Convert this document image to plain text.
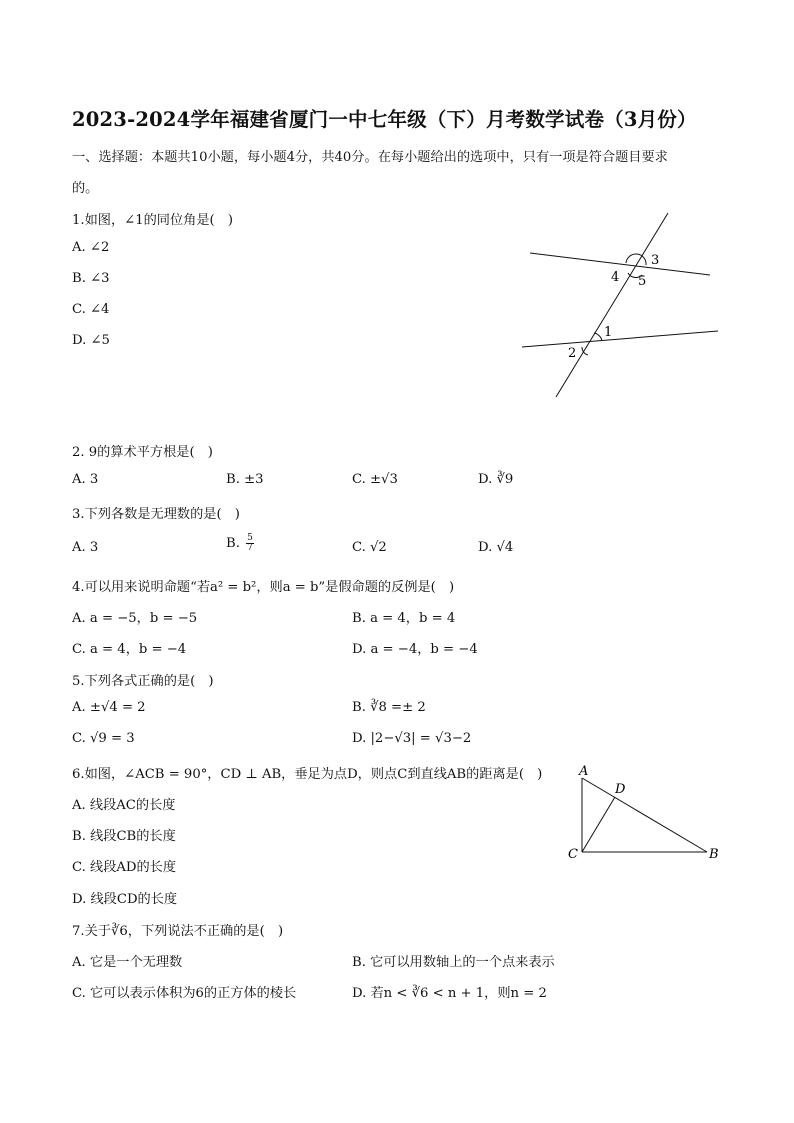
2023-2024学年福建省厦门一中七年级（下）月考数学试卷（3月份）
一、选择题：本题共10小题，每小题4分，共40分。在每小题给出的选项中，只有一项是符合题目要求
的。
1.如图，∠1的同位角是(　)
A. ∠2
B. ∠3
C. ∠4
D. ∠5
1
2
3
4 5
2. 9的算术平方根是(　)
A. 3	B. ±3	C. ±√3	D. ∛9
3.下列各数是无理数的是(　)
A. 3	B. $\frac{5}{7}$	C. √2	D. √4
4.可以用来说明命题“若a² = b²，则a = b”是假命题的反例是(　)
A. a = −5，b = −5	B. a = 4，b = 4
C. a = 4，b = −4	D. a = −4，b = −4
5.下列各式正确的是(　)
A. ±√4 = 2	B. ∛8 =± 2
C. √9 = 3	D. |2−√3| = √3−2
6.如图，∠ACB = 90°，CD ⊥ AB，垂足为点D，则点C到直线AB的距离是(　)
A. 线段AC的长度
B. 线段CB的长度
C. 线段AD的长度
D. 线段CD的长度
A
D
C	B
7.关于∛6，下列说法不正确的是(　)
A. 它是一个无理数	B. 它可以用数轴上的一个点来表示
C. 它可以表示体积为6的正方体的棱长	D. 若n < ∛6 < n + 1，则n = 2
